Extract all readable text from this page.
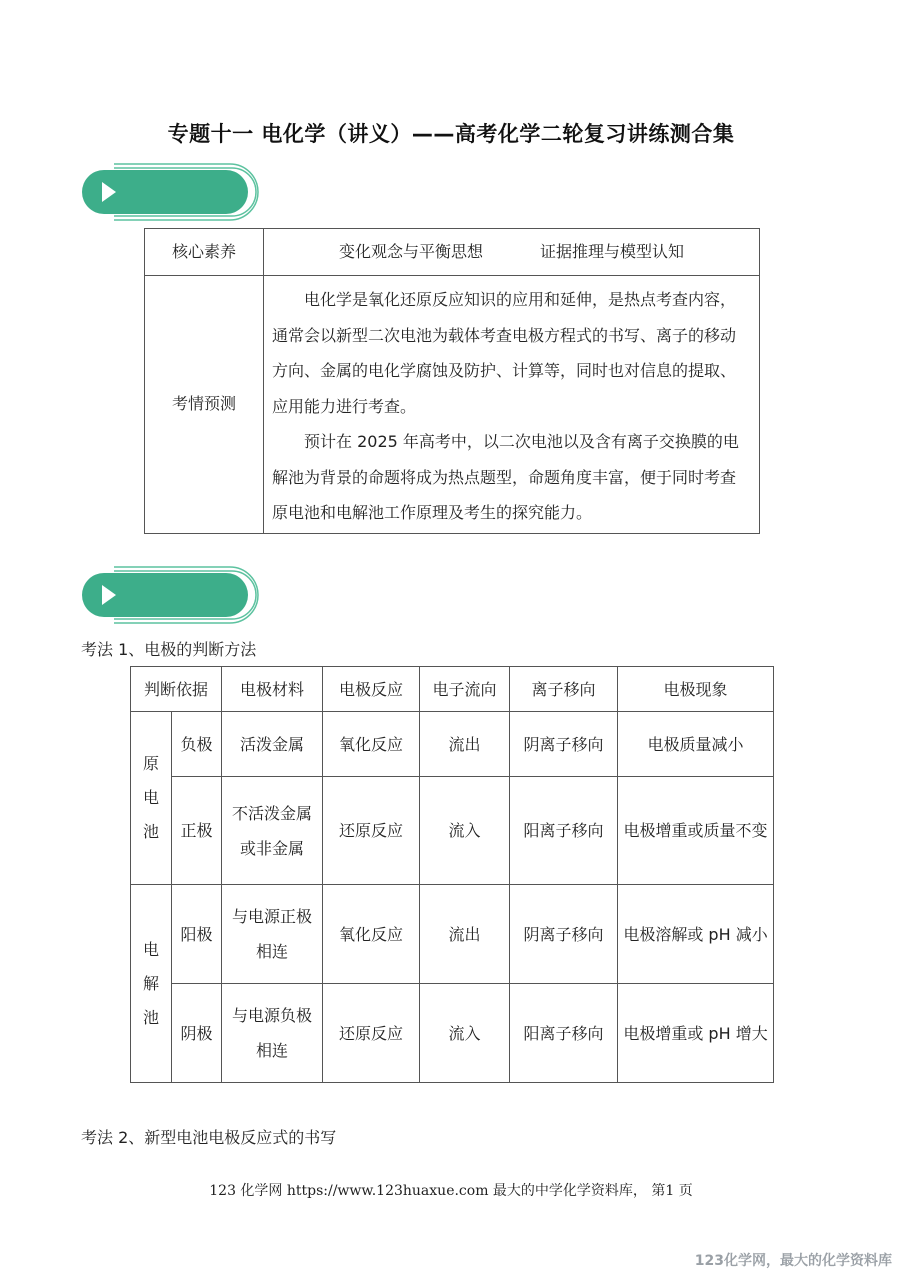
专题十一 电化学（讲义）——高考化学二轮复习讲练测合集
核心素养	变化观念与平衡思想 证据推理与模型认知
考情预测	电化学是氧化还原反应知识的应用和延伸，是热点考查内容，通常会以新型二次电池为载体考查电极方程式的书写、离子的移动方向、金属的电化学腐蚀及防护、计算等，同时也对信息的提取、应用能力进行考查。

预计在 2025 年高考中，以二次电池以及含有离子交换膜的电解池为背景的命题将成为热点题型，命题角度丰富，便于同时考查原电池和电解池工作原理及考生的探究能力。

考法 1、电极的判断方法
判断依据		电极材料	电极反应	电子流向	离子移向	电极现象

原
电
池	负极	活泼金属	氧化反应	流出	阴离子移向	电极质量减小
	正极	不活泼金属或非金属	还原反应	流入	阳离子移向	电极增重或质量不变

电
解
池	阳极	与电源正极相连	氧化反应	流出	阴离子移向	电极溶解或 pH 减小
	阴极	与电源负极相连	还原反应	流入	阳离子移向	电极增重或 pH 增大
考法 2、新型电池电极反应式的书写
123 化学网 https://www.123huaxue.com 最大的中学化学资料库， 第1 页
123化学网，最大的化学资料库
